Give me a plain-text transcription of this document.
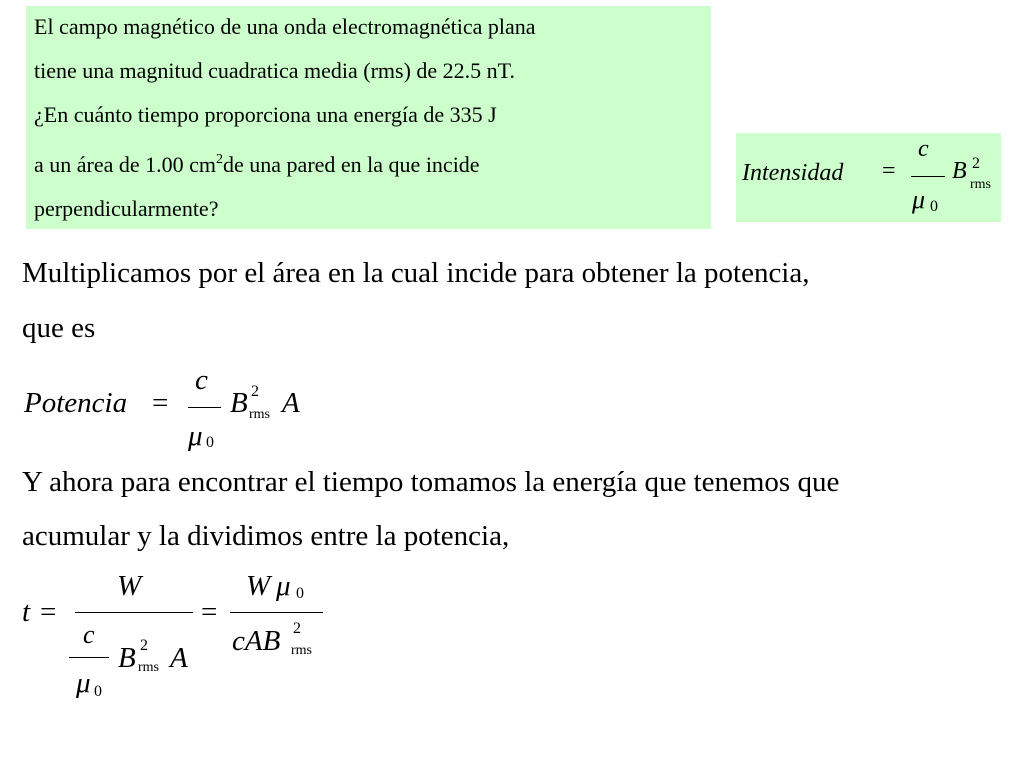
El campo magnético de una onda electromagnética plana
tiene una magnitud cuadratica media (rms) de 22.5 nT.
¿En cuánto tiempo proporciona una energía de 335 J
a un área de 1.00 $cm^2de$ una pared en la que incide
perpendicularmente?
Intensidad =
c
μ 0
B 2
rms
Multiplicamos por el área en la cual incide para obtener la potencia,
que es
Potencia =
c
μ 0
B 2
rms A
Y ahora para encontrar el tiempo tomamos la energía que tenemos que
acumular y la dividimos entre la potencia,
t =
W
c
μ 0
B 2
rms A
=
W μ 0
cAB 2
rms
